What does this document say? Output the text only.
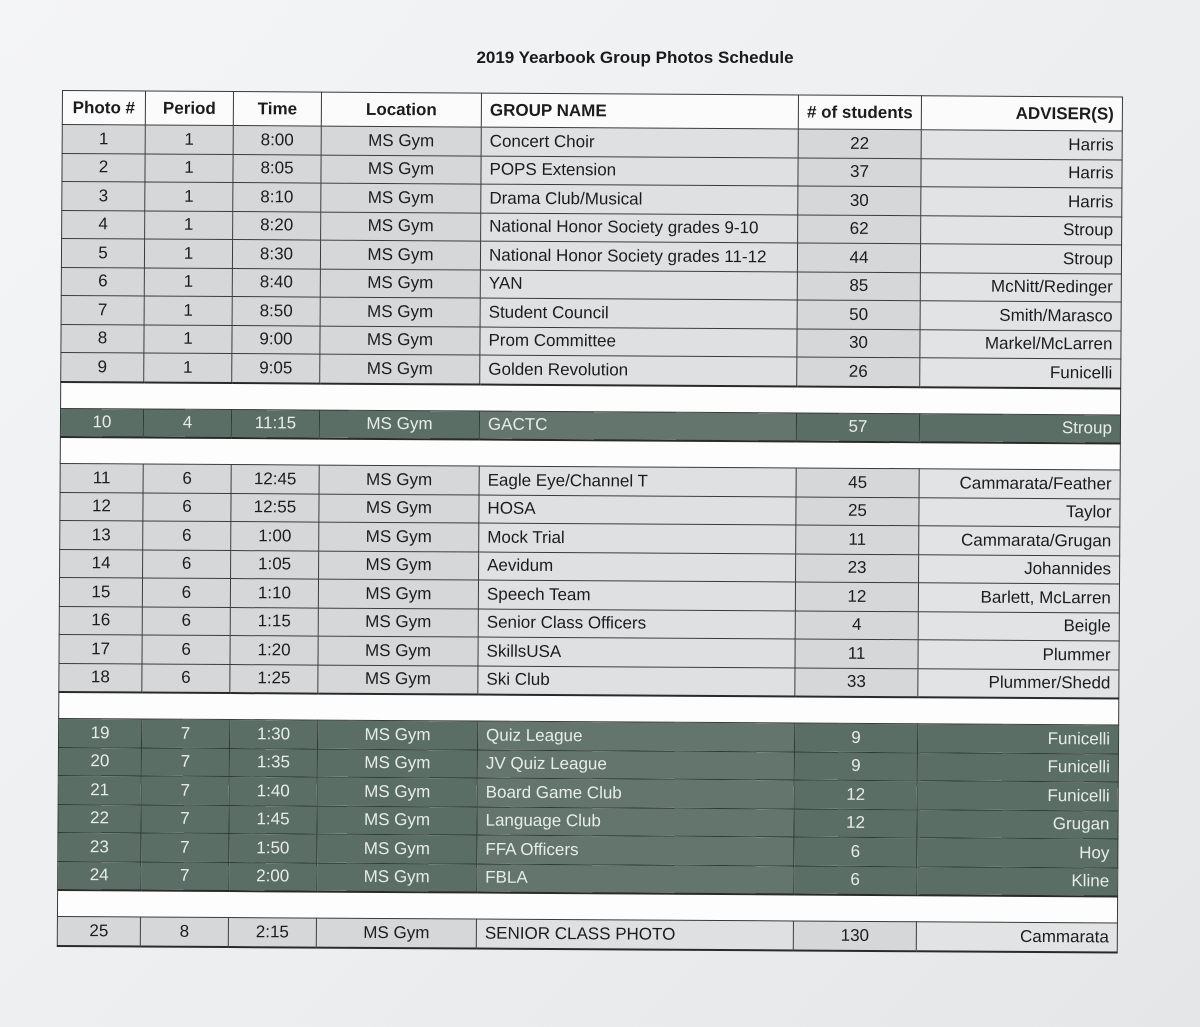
2019 Yearbook Group Photos Schedule
Photo #	Period	Time	Location	GROUP NAME	# of students	ADVISER(S)
1	1	8:00	MS Gym	Concert Choir	22	Harris
2	1	8:05	MS Gym	POPS Extension	37	Harris
3	1	8:10	MS Gym	Drama Club/Musical	30	Harris
4	1	8:20	MS Gym	National Honor Society grades 9-10	62	Stroup
5	1	8:30	MS Gym	National Honor Society grades 11-12	44	Stroup
6	1	8:40	MS Gym	YAN	85	McNitt/Redinger
7	1	8:50	MS Gym	Student Council	50	Smith/Marasco
8	1	9:00	MS Gym	Prom Committee	30	Markel/McLarren
9	1	9:05	MS Gym	Golden Revolution	26	Funicelli

10	4	11:15	MS Gym	GACTC	57	Stroup

11	6	12:45	MS Gym	Eagle Eye/Channel T	45	Cammarata/Feather
12	6	12:55	MS Gym	HOSA	25	Taylor
13	6	1:00	MS Gym	Mock Trial	11	Cammarata/Grugan
14	6	1:05	MS Gym	Aevidum	23	Johannides
15	6	1:10	MS Gym	Speech Team	12	Barlett, McLarren
16	6	1:15	MS Gym	Senior Class Officers	4	Beigle
17	6	1:20	MS Gym	SkillsUSA	11	Plummer
18	6	1:25	MS Gym	Ski Club	33	Plummer/Shedd

19	7	1:30	MS Gym	Quiz League	9	Funicelli
20	7	1:35	MS Gym	JV Quiz League	9	Funicelli
21	7	1:40	MS Gym	Board Game Club	12	Funicelli
22	7	1:45	MS Gym	Language Club	12	Grugan
23	7	1:50	MS Gym	FFA Officers	6	Hoy
24	7	2:00	MS Gym	FBLA	6	Kline

25	8	2:15	MS Gym	SENIOR CLASS PHOTO	130	Cammarata
